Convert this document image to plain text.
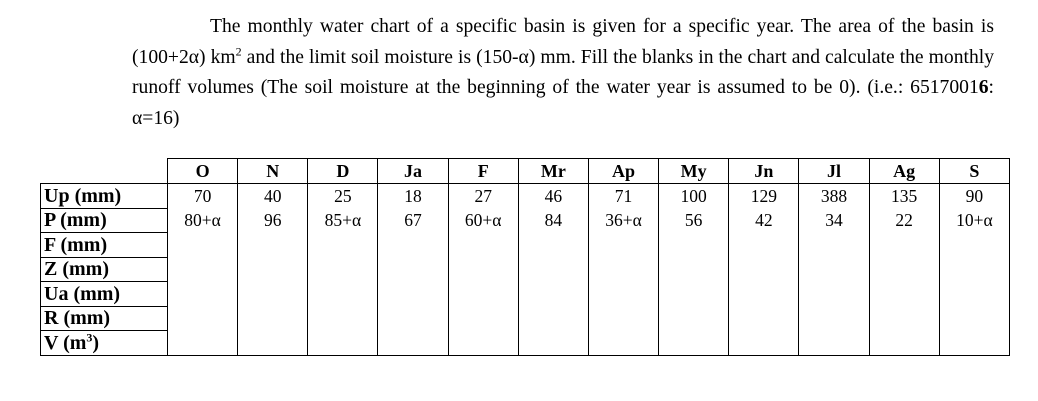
The monthly water chart of a specific basin is given for a specific year. The area of the basin is (100+2α) $km^2$ and the limit soil moisture is (150-α) mm. Fill the blanks in the chart and calculate the monthly runoff volumes (The soil moisture at the beginning of the water year is assumed to be 0). (i.e.: 65170016: α=16)
	O	N	D	Ja	F	Mr	Ap	My	Jn	Jl	Ag	S
Up (mm)	70	40	25	18	27	46	71	100	129	388	135	90
P (mm)	80+α	96	85+α	67	60+α	84	36+α	56	42	34	22	10+α
F (mm)												
Z (mm)												
Ua (mm)												
R (mm)												
V $(m^3)$												
